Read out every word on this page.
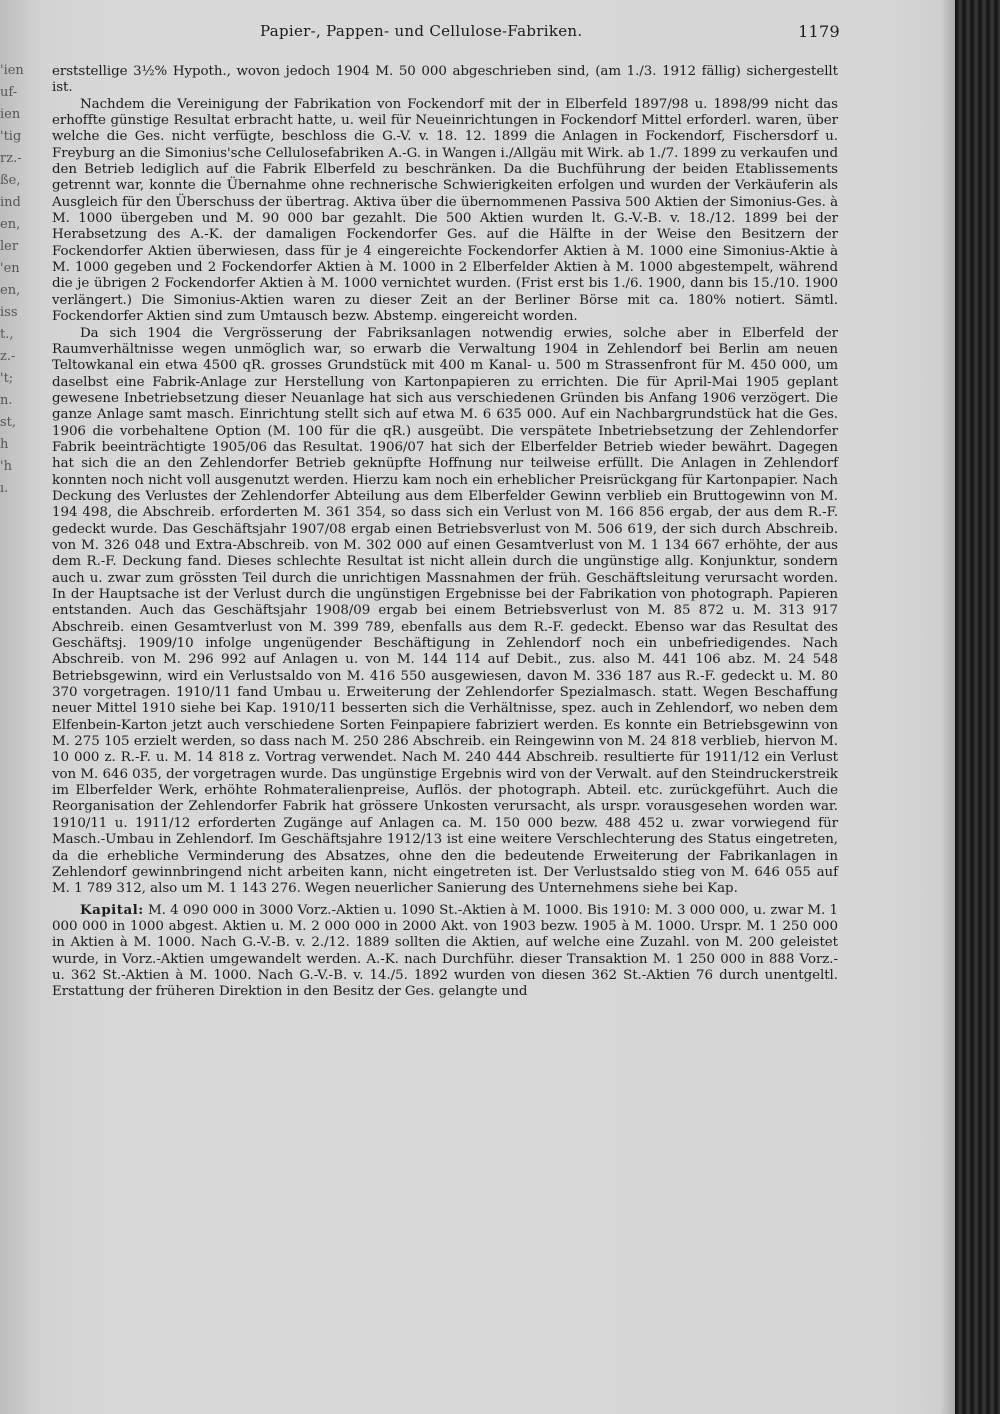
'ien
uf-
ien
'tig
rz.-
ße,
ind
en,
ler
'en
en,
iss
t.,
z.-
't;
n.
st,
h
'h
ı.
Papier-, Pappen- und Cellulose-Fabriken.	1179

erststellige 3½% Hypoth., wovon jedoch 1904 M. 50 000 abgeschrieben sind, (am 1./3. 1912 fällig) sichergestellt ist.

Nachdem die Vereinigung der Fabrikation von Fockendorf mit der in Elberfeld 1897/98 u. 1898/99 nicht das erhoffte günstige Resultat erbracht hatte, u. weil für Neueinrichtungen in Fockendorf Mittel erforderl. waren, über welche die Ges. nicht verfügte, beschloss die G.-V. v. 18. 12. 1899 die Anlagen in Fockendorf, Fischersdorf u. Freyburg an die Simonius'sche Cellulosefabriken A.-G. in Wangen i./Allgäu mit Wirk. ab 1./7. 1899 zu verkaufen und den Betrieb lediglich auf die Fabrik Elberfeld zu beschränken. Da die Buchführung der beiden Etablissements getrennt war, konnte die Übernahme ohne rechnerische Schwierigkeiten erfolgen und wurden der Verkäuferin als Ausgleich für den Überschuss der übertrag. Aktiva über die übernommenen Passiva 500 Aktien der Simonius-Ges. à M. 1000 übergeben und M. 90 000 bar gezahlt. Die 500 Aktien wurden lt. G.-V.-B. v. 18./12. 1899 bei der Herabsetzung des A.-K. der damaligen Fockendorfer Ges. auf die Hälfte in der Weise den Besitzern der Fockendorfer Aktien überwiesen, dass für je 4 eingereichte Fockendorfer Aktien à M. 1000 eine Simonius-Aktie à M. 1000 gegeben und 2 Fockendorfer Aktien à M. 1000 in 2 Elberfelder Aktien à M. 1000 abgestempelt, während die je übrigen 2 Fockendorfer Aktien à M. 1000 vernichtet wurden. (Frist erst bis 1./6. 1900, dann bis 15./10. 1900 verlängert.) Die Simonius-Aktien waren zu dieser Zeit an der Berliner Börse mit ca. 180% notiert. Sämtl. Fockendorfer Aktien sind zum Umtausch bezw. Abstemp. eingereicht worden.

Da sich 1904 die Vergrösserung der Fabriksanlagen notwendig erwies, solche aber in Elberfeld der Raumverhältnisse wegen unmöglich war, so erwarb die Verwaltung 1904 in Zehlendorf bei Berlin am neuen Teltowkanal ein etwa 4500 qR. grosses Grundstück mit 400 m Kanal- u. 500 m Strassenfront für M. 450 000, um daselbst eine Fabrik-Anlage zur Herstellung von Kartonpapieren zu errichten. Die für April-Mai 1905 geplant gewesene Inbetriebsetzung dieser Neuanlage hat sich aus verschiedenen Gründen bis Anfang 1906 verzögert. Die ganze Anlage samt masch. Einrichtung stellt sich auf etwa M. 6 635 000. Auf ein Nachbargrundstück hat die Ges. 1906 die vorbehaltene Option (M. 100 für die qR.) ausgeübt. Die verspätete Inbetriebsetzung der Zehlendorfer Fabrik beeinträchtigte 1905/06 das Resultat. 1906/07 hat sich der Elberfelder Betrieb wieder bewährt. Dagegen hat sich die an den Zehlendorfer Betrieb geknüpfte Hoffnung nur teilweise erfüllt. Die Anlagen in Zehlendorf konnten noch nicht voll ausgenutzt werden. Hierzu kam noch ein erheblicher Preisrückgang für Kartonpapier. Nach Deckung des Verlustes der Zehlendorfer Abteilung aus dem Elberfelder Gewinn verblieb ein Bruttogewinn von M. 194 498, die Abschreib. erforderten M. 361 354, so dass sich ein Verlust von M. 166 856 ergab, der aus dem R.-F. gedeckt wurde. Das Geschäftsjahr 1907/08 ergab einen Betriebsverlust von M. 506 619, der sich durch Abschreib. von M. 326 048 und Extra-Abschreib. von M. 302 000 auf einen Gesamtverlust von M. 1 134 667 erhöhte, der aus dem R.-F. Deckung fand. Dieses schlechte Resultat ist nicht allein durch die ungünstige allg. Konjunktur, sondern auch u. zwar zum grössten Teil durch die unrichtigen Massnahmen der früh. Geschäftsleitung verursacht worden. In der Hauptsache ist der Verlust durch die ungünstigen Ergebnisse bei der Fabrikation von photograph. Papieren entstanden. Auch das Geschäftsjahr 1908/09 ergab bei einem Betriebsverlust von M. 85 872 u. M. 313 917 Abschreib. einen Gesamtverlust von M. 399 789, ebenfalls aus dem R.-F. gedeckt. Ebenso war das Resultat des Geschäftsj. 1909/10 infolge ungenügender Beschäftigung in Zehlendorf noch ein unbefriedigendes. Nach Abschreib. von M. 296 992 auf Anlagen u. von M. 144 114 auf Debit., zus. also M. 441 106 abz. M. 24 548 Betriebsgewinn, wird ein Verlustsaldo von M. 416 550 ausgewiesen, davon M. 336 187 aus R.-F. gedeckt u. M. 80 370 vorgetragen. 1910/11 fand Umbau u. Erweiterung der Zehlendorfer Spezialmasch. statt. Wegen Beschaffung neuer Mittel 1910 siehe bei Kap. 1910/11 besserten sich die Verhältnisse, spez. auch in Zehlendorf, wo neben dem Elfenbein-Karton jetzt auch verschiedene Sorten Feinpapiere fabriziert werden. Es konnte ein Betriebsgewinn von M. 275 105 erzielt werden, so dass nach M. 250 286 Abschreib. ein Reingewinn von M. 24 818 verblieb, hiervon M. 10 000 z. R.-F. u. M. 14 818 z. Vortrag verwendet. Nach M. 240 444 Abschreib. resultierte für 1911/12 ein Verlust von M. 646 035, der vorgetragen wurde. Das ungünstige Ergebnis wird von der Verwalt. auf den Steindruckerstreik im Elberfelder Werk, erhöhte Rohmateralienpreise, Auflös. der photograph. Abteil. etc. zurückgeführt. Auch die Reorganisation der Zehlendorfer Fabrik hat grössere Unkosten verursacht, als urspr. vorausgesehen worden war. 1910/11 u. 1911/12 erforderten Zugänge auf Anlagen ca. M. 150 000 bezw. 488 452 u. zwar vorwiegend für Masch.-Umbau in Zehlendorf. Im Geschäftsjahre 1912/13 ist eine weitere Verschlechterung des Status eingetreten, da die erhebliche Verminderung des Absatzes, ohne den die bedeutende Erweiterung der Fabrikanlagen in Zehlendorf gewinnbringend nicht arbeiten kann, nicht eingetreten ist. Der Verlustsaldo stieg von M. 646 055 auf M. 1 789 312, also um M. 1 143 276. Wegen neuerlicher Sanierung des Unternehmens siehe bei Kap.

Kapital: M. 4 090 000 in 3000 Vorz.-Aktien u. 1090 St.-Aktien à M. 1000. Bis 1910: M. 3 000 000, u. zwar M. 1 000 000 in 1000 abgest. Aktien u. M. 2 000 000 in 2000 Akt. von 1903 bezw. 1905 à M. 1000. Urspr. M. 1 250 000 in Aktien à M. 1000. Nach G.-V.-B. v. 2./12. 1889 sollten die Aktien, auf welche eine Zuzahl. von M. 200 geleistet wurde, in Vorz.-Aktien umgewandelt werden. A.-K. nach Durchführ. dieser Transaktion M. 1 250 000 in 888 Vorz.- u. 362 St.-Aktien à M. 1000. Nach G.-V.-B. v. 14./5. 1892 wurden von diesen 362 St.-Aktien 76 durch unentgeltl. Erstattung der früheren Direktion in den Besitz der Ges. gelangte und
